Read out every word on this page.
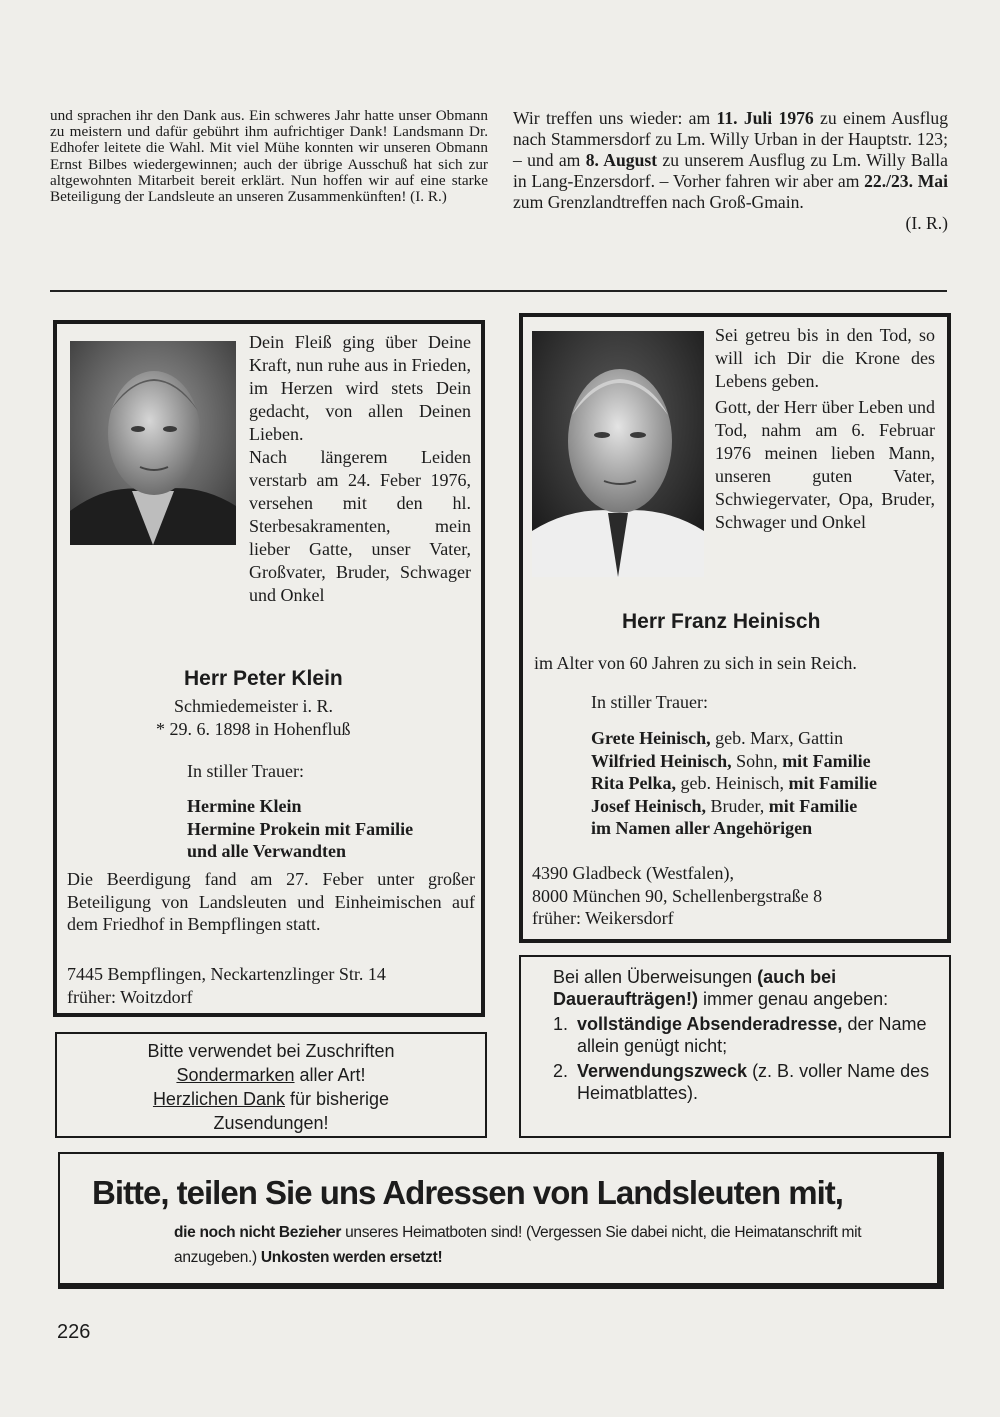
und sprachen ihr den Dank aus. Ein schweres Jahr hatte unser Obmann zu meistern und dafür gebührt ihm aufrichtiger Dank! Landsmann Dr. Edhofer leitete die Wahl. Mit viel Mühe konnten wir unseren Obmann Ernst Bilbes wiedergewinnen; auch der übrige Ausschuß hat sich zur altgewohnten Mitarbeit bereit erklärt. Nun hoffen wir auf eine starke Beteiligung der Landsleute an unseren Zusammenkünften! (I. R.)

Wir treffen uns wieder: am 11. Juli 1976 zu einem Ausflug nach Stammersdorf zu Lm. Willy Urban in der Hauptstr. 123; – und am 8. August zu unserem Ausflug zu Lm. Willy Balla in Lang-Enzersdorf. – Vorher fahren wir aber am 22./23. Mai zum Grenzlandtreffen nach Groß-Gmain.

(I. R.)

Dein Fleiß ging über Deine Kraft, nun ruhe aus in Frieden, im Herzen wird stets Dein gedacht, von allen Deinen Lieben.

Nach längerem Leiden verstarb am 24. Feber 1976, versehen mit den hl. Sterbesakramenten, mein lieber Gatte, unser Vater, Großvater, Bruder, Schwager und Onkel

Herr Peter Klein
Schmiedemeister i. R.
* 29. 6. 1898 in Hohenfluß
In stiller Trauer:

Hermine Klein

Hermine Prokein mit Familie

und alle Verwandten

Die Beerdigung fand am 27. Feber unter großer Beteiligung von Landsleuten und Einheimischen auf dem Friedhof in Bempflingen statt.

7445 Bempflingen, Neckartenzlinger Str. 14

früher: Woitzdorf

Sei getreu bis in den Tod, so will ich Dir die Krone des Lebens geben.

Gott, der Herr über Leben und Tod, nahm am 6. Februar 1976 meinen lieben Mann, unseren guten Vater, Schwiegervater, Opa, Bruder, Schwager und Onkel

Herr Franz Heinisch
im Alter von 60 Jahren zu sich in sein Reich.
In stiller Trauer:

Grete Heinisch, geb. Marx, Gattin

Wilfried Heinisch, Sohn, mit Familie

Rita Pelka, geb. Heinisch, mit Familie

Josef Heinisch, Bruder, mit Familie

im Namen aller Angehörigen

4390 Gladbeck (Westfalen),

8000 München 90, Schellenbergstraße 8

früher: Weikersdorf

Bitte verwendet bei Zuschriften
Sondermarken aller Art!
Herzlichen Dank für bisherige
Zusendungen!
Bei allen Überweisungen (auch bei Daueraufträgen!) immer genau angeben:
1. vollständige Absenderadresse, der Name allein genügt nicht;
2. Verwendungszweck (z. B. voller Name des Heimatblattes).
Bitte, teilen Sie uns Adressen von Landsleuten mit,
die noch nicht Bezieher unseres Heimatboten sind! (Vergessen Sie dabei nicht, die Heimatanschrift mit anzugeben.) Unkosten werden ersetzt!
226
